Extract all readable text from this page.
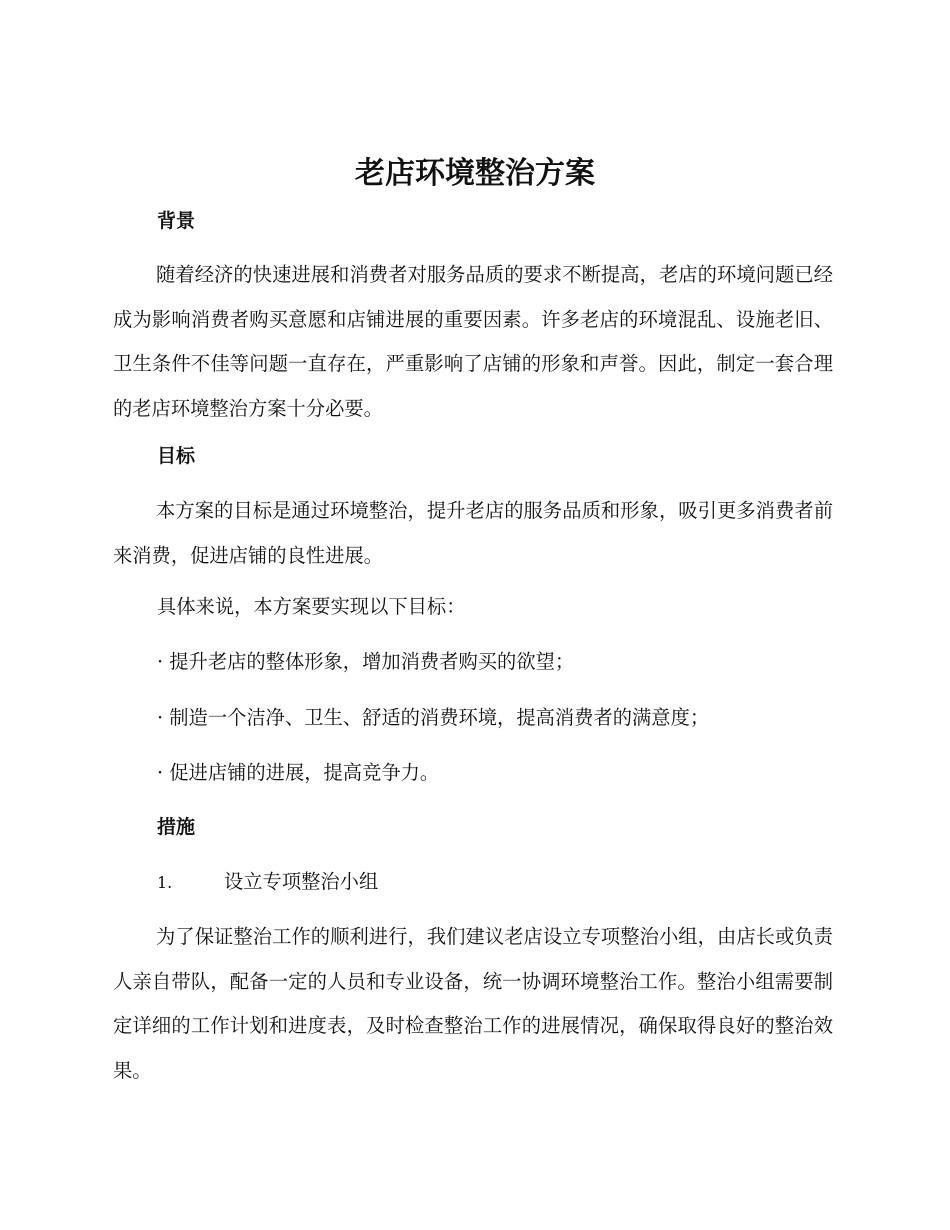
老店环境整治方案
背景

随着经济的快速进展和消费者对服务品质的要求不断提高，老店的环境问题已经成为影响消费者购买意愿和店铺进展的重要因素。许多老店的环境混乱、设施老旧、卫生条件不佳等问题一直存在，严重影响了店铺的形象和声誉。因此，制定一套合理的老店环境整治方案十分必要。

目标

本方案的目标是通过环境整治，提升老店的服务品质和形象，吸引更多消费者前来消费，促进店铺的良性进展。

具体来说，本方案要实现以下目标：

· 提升老店的整体形象，增加消费者购买的欲望；

· 制造一个洁净、卫生、舒适的消费环境，提高消费者的满意度；

· 促进店铺的进展，提高竞争力。

措施

1.	设立专项整治小组

为了保证整治工作的顺利进行，我们建议老店设立专项整治小组，由店长或负责人亲自带队，配备一定的人员和专业设备，统一协调环境整治工作。整治小组需要制定详细的工作计划和进度表，及时检查整治工作的进展情况，确保取得良好的整治效果。
